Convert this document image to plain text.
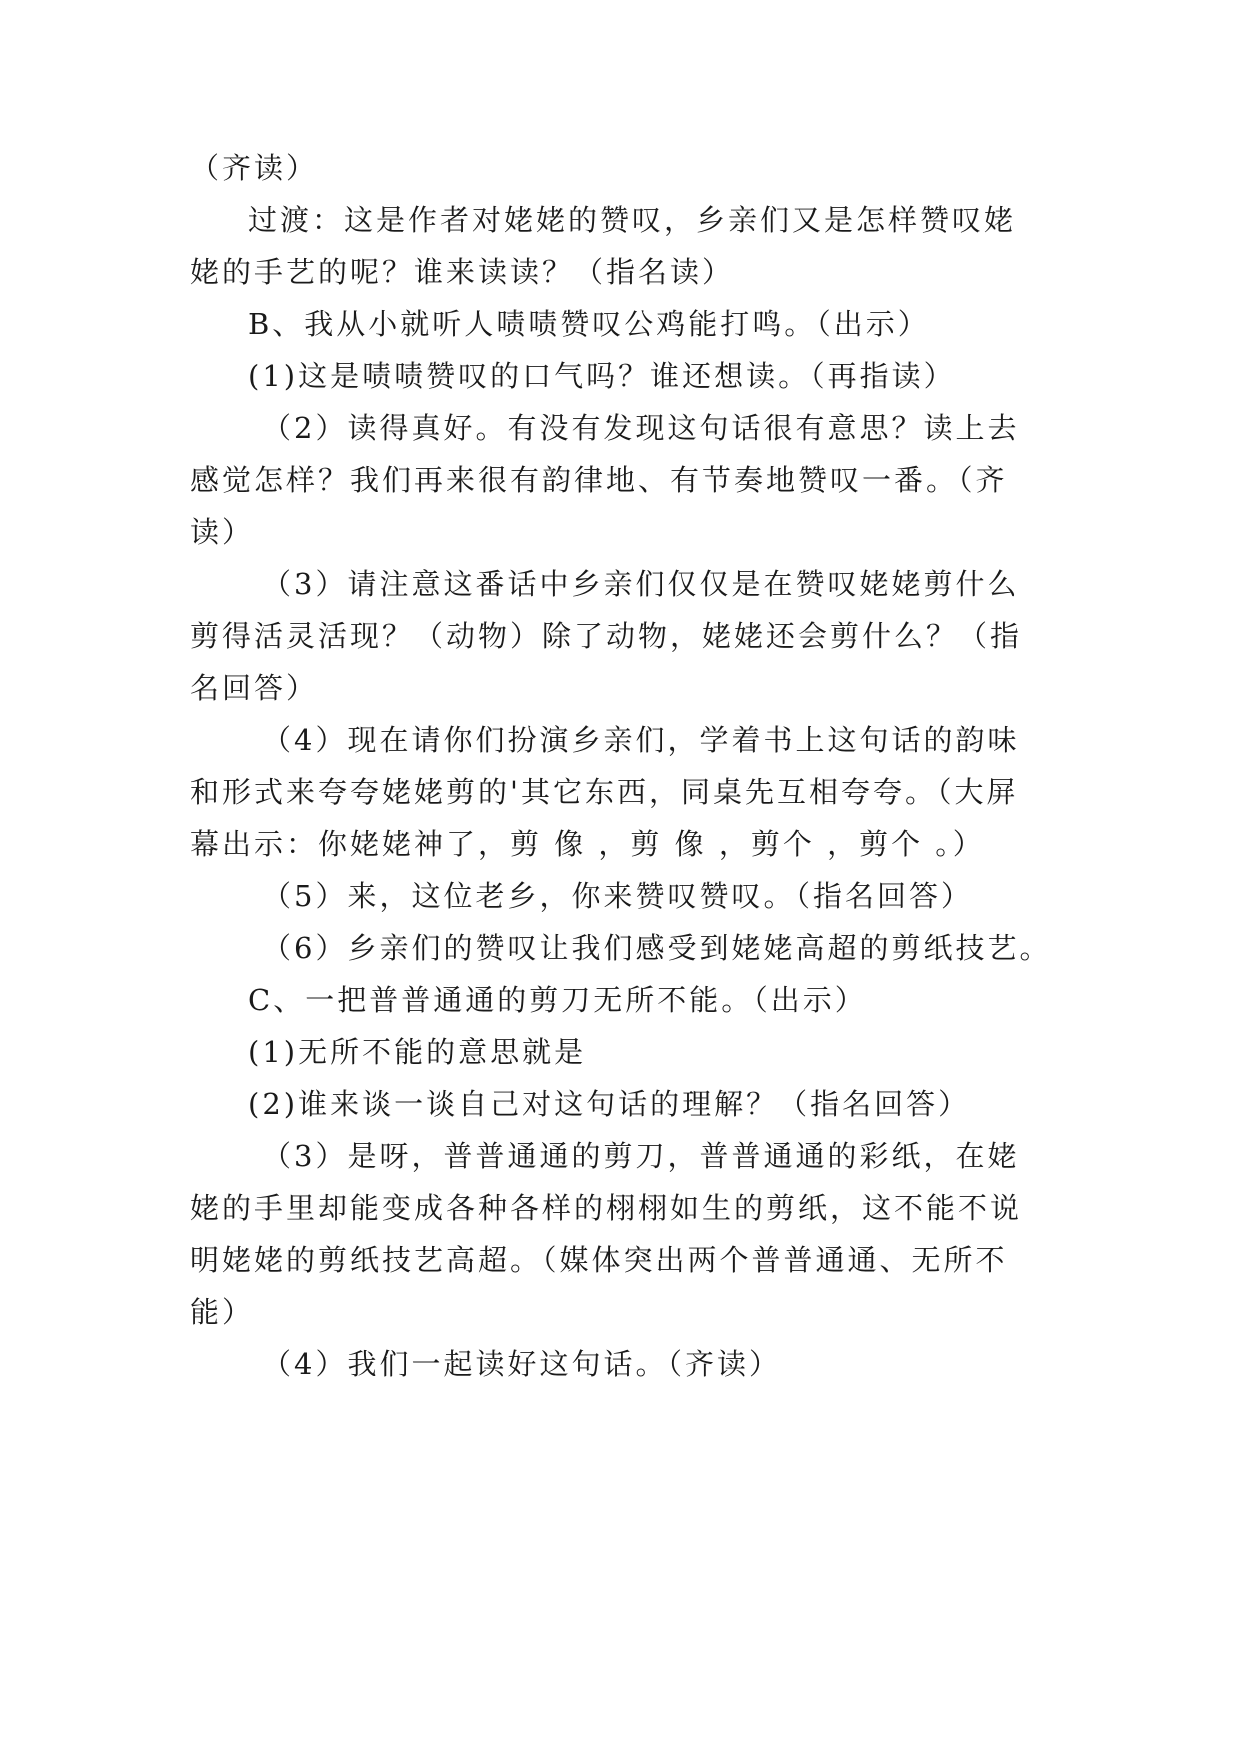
（齐读）
过渡：这是作者对姥姥的赞叹，乡亲们又是怎样赞叹姥
姥的手艺的呢？谁来读读？（指名读）
B、我从小就听人啧啧赞叹公鸡能打鸣。（出示）
(1)这是啧啧赞叹的口气吗？谁还想读。（再指读）
（2）读得真好。有没有发现这句话很有意思？读上去
感觉怎样？我们再来很有韵律地、有节奏地赞叹一番。（齐
读）
（3）请注意这番话中乡亲们仅仅是在赞叹姥姥剪什么
剪得活灵活现？（动物）除了动物，姥姥还会剪什么？（指
名回答）
（4）现在请你们扮演乡亲们，学着书上这句话的韵味
和形式来夸夸姥姥剪的'其它东西，同桌先互相夸夸。（大屏
幕出示：你姥姥神了，剪 像 ，剪 像 ，剪个 ，剪个 。）
（5）来，这位老乡，你来赞叹赞叹。（指名回答）
（6）乡亲们的赞叹让我们感受到姥姥高超的剪纸技艺。
C、一把普普通通的剪刀无所不能。（出示）
(1)无所不能的意思就是
(2)谁来谈一谈自己对这句话的理解？（指名回答）
（3）是呀，普普通通的剪刀，普普通通的彩纸，在姥
姥的手里却能变成各种各样的栩栩如生的剪纸，这不能不说
明姥姥的剪纸技艺高超。（媒体突出两个普普通通、无所不
能）
（4）我们一起读好这句话。（齐读）
